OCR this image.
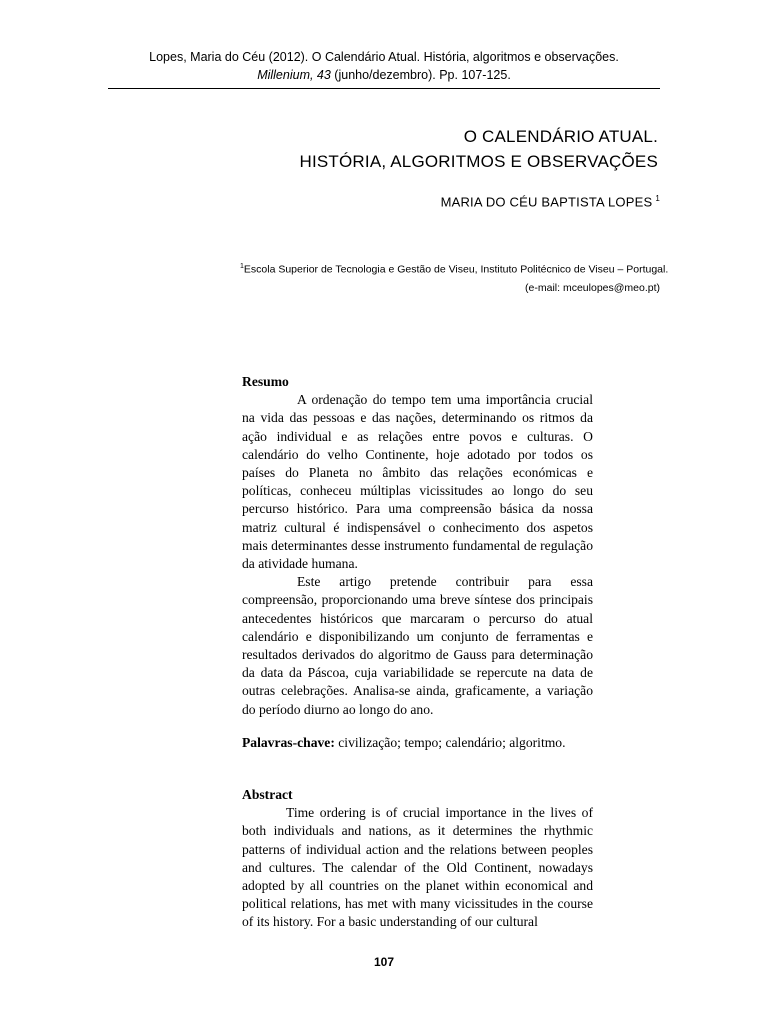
Lopes, Maria do Céu (2012). O Calendário Atual. História, algoritmos e observações.
Millenium, 43 (junho/dezembro). Pp. 107-125.
O CALENDÁRIO ATUAL.
HISTÓRIA, ALGORITMOS E OBSERVAÇÕES
MARIA DO CÉU BAPTISTA LOPES $^1$
$^1$Escola Superior de Tecnologia e Gestão de Viseu, Instituto Politécnico de Viseu – Portugal.
(e-mail: mceulopes@meo.pt)
Resumo

A ordenação do tempo tem uma importância crucial na vida das pessoas e das nações, determinando os ritmos da ação individual e as relações entre povos e culturas. O calendário do velho Continente, hoje adotado por todos os países do Planeta no âmbito das relações económicas e políticas, conheceu múltiplas vicissitudes ao longo do seu percurso histórico. Para uma compreensão básica da nossa matriz cultural é indispensável o conhecimento dos aspetos mais determinantes desse instrumento fundamental de regulação da atividade humana.

Este artigo pretende contribuir para essa compreensão, proporcionando uma breve síntese dos principais antecedentes históricos que marcaram o percurso do atual calendário e disponibilizando um conjunto de ferramentas e resultados derivados do algoritmo de Gauss para determinação da data da Páscoa, cuja variabilidade se repercute na data de outras celebrações. Analisa-se ainda, graficamente, a variação do período diurno ao longo do ano.

Palavras-chave: civilização; tempo; calendário; algoritmo.
Abstract

Time ordering is of crucial importance in the lives of both individuals and nations, as it determines the rhythmic patterns of individual action and the relations between peoples and cultures. The calendar of the Old Continent, nowadays adopted by all countries on the planet within economical and political relations, has met with many vicissitudes in the course of its history. For a basic understanding of our cultural

107
